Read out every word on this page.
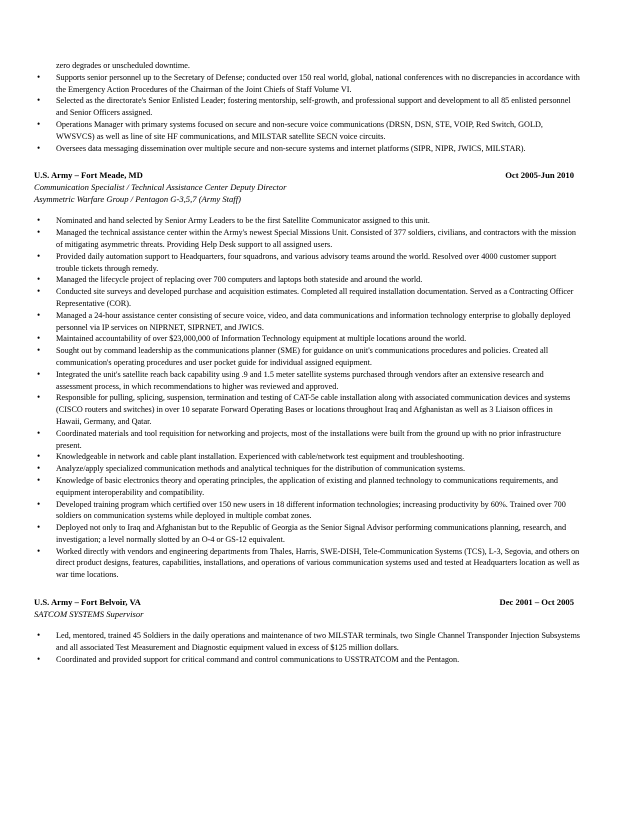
zero degrades or unscheduled downtime.
• Supports senior personnel up to the Secretary of Defense; conducted over 150 real world, global, national conferences with no discrepancies in accordance with the Emergency Action Procedures of the Chairman of the Joint Chiefs of Staff Volume VI.
• Selected as the directorate's Senior Enlisted Leader; fostering mentorship, self-growth, and professional support and development to all 85 enlisted personnel and Senior Officers assigned.
• Operations Manager with primary systems focused on secure and non-secure voice communications (DRSN, DSN, STE, VOIP, Red Switch, GOLD, WWSVCS) as well as line of site HF communications, and MILSTAR satellite SECN voice circuits.
• Oversees data messaging dissemination over multiple secure and non-secure systems and internet platforms (SIPR, NIPR, JWICS, MILSTAR).
U.S. Army – Fort Meade, MD	Oct 2005-Jun 2010
Communication Specialist / Technical Assistance Center Deputy Director
Asymmetric Warfare Group / Pentagon G-3,5,7 (Army Staff)
• Nominated and hand selected by Senior Army Leaders to be the first Satellite Communicator assigned to this unit.
• Managed the technical assistance center within the Army's newest Special Missions Unit. Consisted of 377 soldiers, civilians, and contractors with the mission of mitigating asymmetric threats. Providing Help Desk support to all assigned users.
• Provided daily automation support to Headquarters, four squadrons, and various advisory teams around the world. Resolved over 4000 customer support trouble tickets through remedy.
• Managed the lifecycle project of replacing over 700 computers and laptops both stateside and around the world.
• Conducted site surveys and developed purchase and acquisition estimates. Completed all required installation documentation. Served as a Contracting Officer Representative (COR).
• Managed a 24-hour assistance center consisting of secure voice, video, and data communications and information technology enterprise to globally deployed personnel via IP services on NIPRNET, SIPRNET, and JWICS.
• Maintained accountability of over $23,000,000 of Information Technology equipment at multiple locations around the world.
• Sought out by command leadership as the communications planner (SME) for guidance on unit's communications procedures and policies. Created all communication's operating procedures and user pocket guide for individual assigned equipment.
• Integrated the unit's satellite reach back capability using .9 and 1.5 meter satellite systems purchased through vendors after an extensive research and assessment process, in which recommendations to higher was reviewed and approved.
• Responsible for pulling, splicing, suspension, termination and testing of CAT-5e cable installation along with associated communication devices and systems (CISCO routers and switches) in over 10 separate Forward Operating Bases or locations throughout Iraq and Afghanistan as well as 3 Liaison offices in Hawaii, Germany, and Qatar.
• Coordinated materials and tool requisition for networking and projects, most of the installations were built from the ground up with no prior infrastructure present.
• Knowledgeable in network and cable plant installation. Experienced with cable/network test equipment and troubleshooting.
• Analyze/apply specialized communication methods and analytical techniques for the distribution of communication systems.
• Knowledge of basic electronics theory and operating principles, the application of existing and planned technology to communications requirements, and equipment interoperability and compatibility.
• Developed training program which certified over 150 new users in 18 different information technologies; increasing productivity by 60%. Trained over 700 soldiers on communication systems while deployed in multiple combat zones.
• Deployed not only to Iraq and Afghanistan but to the Republic of Georgia as the Senior Signal Advisor performing communications planning, research, and investigation; a level normally slotted by an O-4 or GS-12 equivalent.
• Worked directly with vendors and engineering departments from Thales, Harris, SWE-DISH, Tele-Communication Systems (TCS), L-3, Segovia, and others on direct product designs, features, capabilities, installations, and operations of various communication systems used and tested at Headquarters location as well as war time locations.
U.S. Army – Fort Belvoir, VA	Dec 2001 – Oct 2005
SATCOM SYSTEMS Supervisor
• Led, mentored, trained 45 Soldiers in the daily operations and maintenance of two MILSTAR terminals, two Single Channel Transponder Injection Subsystems and all associated Test Measurement and Diagnostic equipment valued in excess of $125 million dollars.
• Coordinated and provided support for critical command and control communications to USSTRATCOM and the Pentagon.
